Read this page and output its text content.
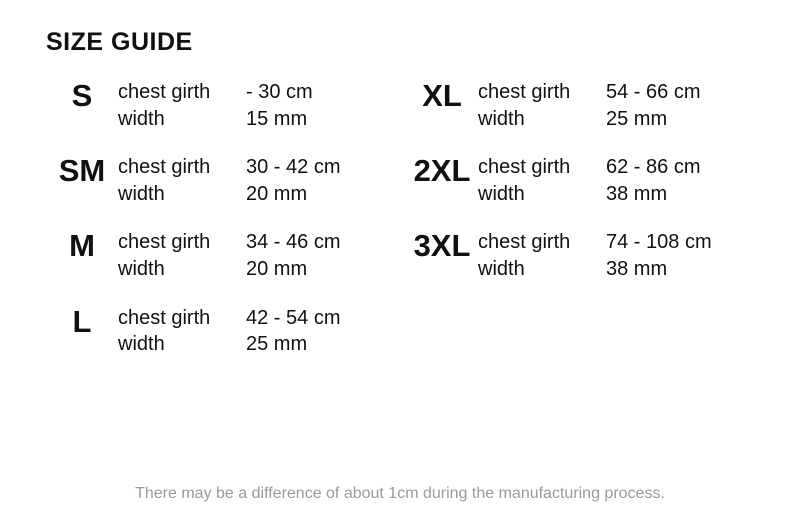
SIZE GUIDE
S	chest girth	- 30 cm
width	15 mm
SM chest girth	30 - 42 cm
width	20 mm
M	chest girth	34 - 46 cm
width	20 mm
L	chest girth	42 - 54 cm
width	25 mm
XL chest girth	54 - 66 cm
width	25 mm
2XL chest girth	62 - 86 cm
width	38 mm
3XL chest girth	74 - 108 cm
width	38 mm
There may be a difference of about 1cm during the manufacturing process.
